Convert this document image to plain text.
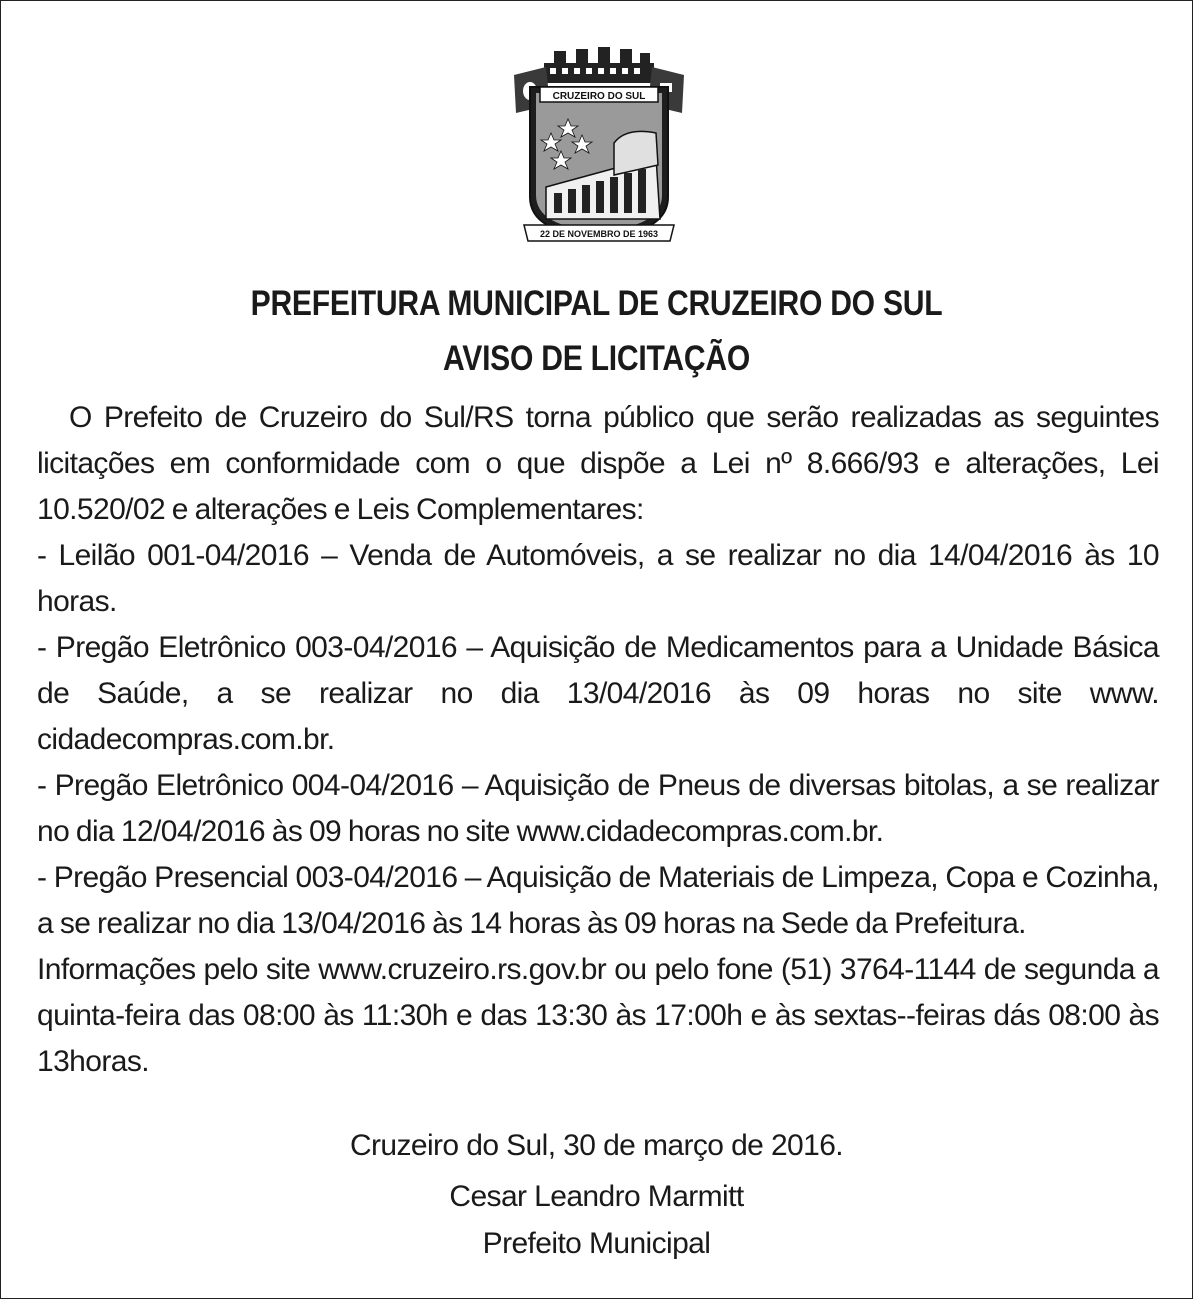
CRUZEIRO DO SUL
22 DE NOVEMBRO DE 1963
PREFEITURA MUNICIPAL DE CRUZEIRO DO SUL
AVISO DE LICITAÇÃO
O Prefeito de Cruzeiro do Sul/RS torna público que serão realizadas as seguintes licitações em conformidade com o que dispõe a Lei nº 8.666/93 e alterações, Lei 10.520/02 e alterações e Leis Complementares:
- Leilão 001-04/2016 – Venda de Automóveis, a se realizar no dia 14/04/2016 às 10 horas.
- Pregão Eletrônico 003-04/2016 – Aquisição de Medicamentos para a Unidade Básica de Saúde, a se realizar no dia 13/04/2016 às 09 horas no site www. cidadecompras.com.br.
- Pregão Eletrônico 004-04/2016 – Aquisição de Pneus de diversas bitolas, a se realizar no dia 12/04/2016 às 09 horas no site www.cidadecompras.com.br.
- Pregão Presencial 003-04/2016 – Aquisição de Materiais de Limpeza, Copa e Cozinha, a se realizar no dia 13/04/2016 às 14 horas às 09 horas na Sede da Prefeitura.
Informações pelo site www.cruzeiro.rs.gov.br ou pelo fone (51) 3764-1144 de segunda a quinta-feira das 08:00 às 11:30h e das 13:30 às 17:00h e às sextas--feiras dás 08:00 às 13horas.
Cruzeiro do Sul, 30 de março de 2016.
Cesar Leandro Marmitt
Prefeito Municipal
